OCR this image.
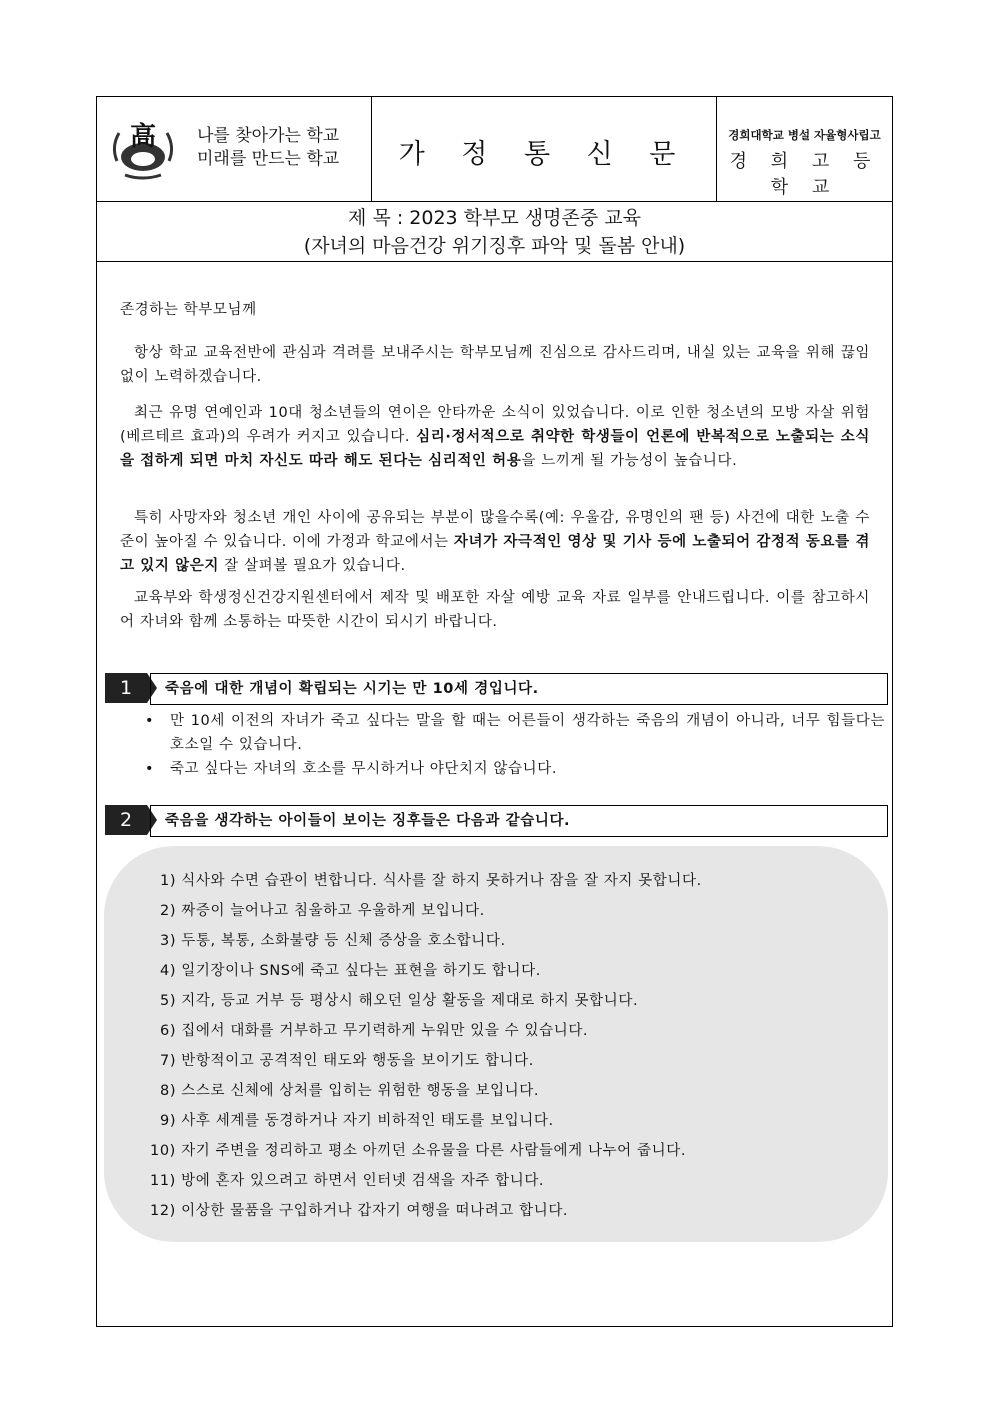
高 나를 찾아가는 학교
미래를 만드는 학교	가 정 통 신 문
경희대학교 병설 자율형사립고
경 희 고 등 학 교
제 목 : 2023 학부모 생명존중 교육
(자녀의 마음건강 위기징후 파악 및 돌봄 안내)
존경하는 학부모님께
항상 학교 교육전반에 관심과 격려를 보내주시는 학부모님께 진심으로 감사드리며, 내실 있는 교육을 위해 끊임없이 노력하겠습니다.
최근 유명 연예인과 10대 청소년들의 연이은 안타까운 소식이 있었습니다. 이로 인한 청소년의 모방 자살 위험(베르테르 효과)의 우려가 커지고 있습니다. 심리·정서적으로 취약한 학생들이 언론에 반복적으로 노출되는 소식을 접하게 되면 마치 자신도 따라 해도 된다는 심리적인 허용을 느끼게 될 가능성이 높습니다.
특히 사망자와 청소년 개인 사이에 공유되는 부분이 많을수록(예: 우울감, 유명인의 팬 등) 사건에 대한 노출 수준이 높아질 수 있습니다. 이에 가정과 학교에서는 자녀가 자극적인 영상 및 기사 등에 노출되어 감정적 동요를 겪고 있지 않은지 잘 살펴볼 필요가 있습니다.
교육부와 학생정신건강지원센터에서 제작 및 배포한 자살 예방 교육 자료 일부를 안내드립니다. 이를 참고하시어 자녀와 함께 소통하는 따뜻한 시간이 되시기 바랍니다.
1	죽음에 대한 개념이 확립되는 시기는 만 10세 경입니다.
• 만 10세 이전의 자녀가 죽고 싶다는 말을 할 때는 어른들이 생각하는 죽음의 개념이 아니라, 너무 힘들다는 호소일 수 있습니다.
• 죽고 싶다는 자녀의 호소를 무시하거나 야단치지 않습니다.
2	죽음을 생각하는 아이들이 보이는 징후들은 다음과 같습니다.
1) 식사와 수면 습관이 변합니다. 식사를 잘 하지 못하거나 잠을 잘 자지 못합니다.
2) 짜증이 늘어나고 침울하고 우울하게 보입니다.
3) 두통, 복통, 소화불량 등 신체 증상을 호소합니다.
4) 일기장이나 SNS에 죽고 싶다는 표현을 하기도 합니다.
5) 지각, 등교 거부 등 평상시 해오던 일상 활동을 제대로 하지 못합니다.
6) 집에서 대화를 거부하고 무기력하게 누워만 있을 수 있습니다.
7) 반항적이고 공격적인 태도와 행동을 보이기도 합니다.
8) 스스로 신체에 상처를 입히는 위험한 행동을 보입니다.
9) 사후 세계를 동경하거나 자기 비하적인 태도를 보입니다.
10) 자기 주변을 정리하고 평소 아끼던 소유물을 다른 사람들에게 나누어 줍니다.
11) 방에 혼자 있으려고 하면서 인터넷 검색을 자주 합니다.
12) 이상한 물품을 구입하거나 갑자기 여행을 떠나려고 합니다.
